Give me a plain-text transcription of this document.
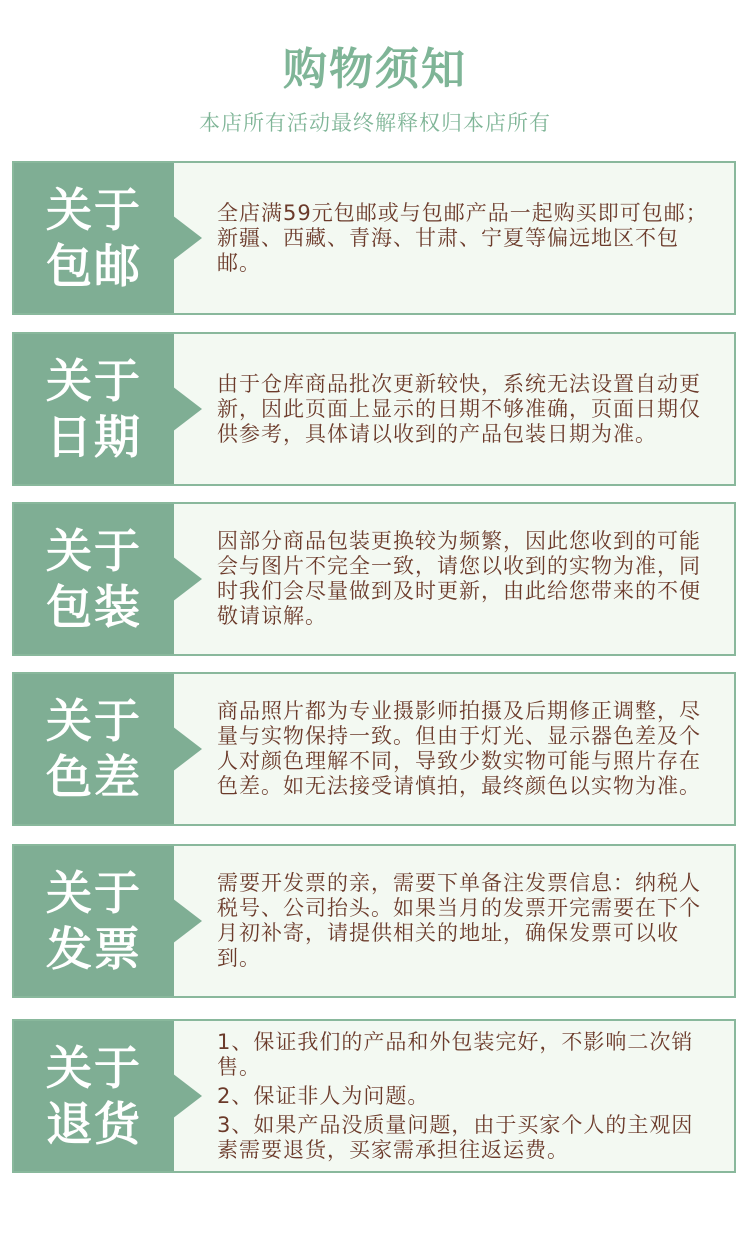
购物须知
本店所有活动最终解释权归本店所有
关于
包邮

全店满59元包邮或与包邮产品一起购买即可包邮；新疆、西藏、青海、甘肃、宁夏等偏远地区不包邮。

关于
日期

由于仓库商品批次更新较快，系统无法设置自动更新，因此页面上显示的日期不够准确，页面日期仅供参考，具体请以收到的产品包装日期为准。

关于
包装

因部分商品包装更换较为频繁，因此您收到的可能会与图片不完全一致，请您以收到的实物为准，同时我们会尽量做到及时更新，由此给您带来的不便敬请谅解。

关于
色差

商品照片都为专业摄影师拍摄及后期修正调整，尽量与实物保持一致。但由于灯光、显示器色差及个人对颜色理解不同，导致少数实物可能与照片存在色差。如无法接受请慎拍，最终颜色以实物为准。

关于
发票

需要开发票的亲，需要下单备注发票信息：纳税人税号、公司抬头。如果当月的发票开完需要在下个月初补寄，请提供相关的地址，确保发票可以收到。

关于
退货

1、保证我们的产品和外包装完好，不影响二次销售。

2、保证非人为问题。

3、如果产品没质量问题，由于买家个人的主观因素需要退货，买家需承担往返运费。
